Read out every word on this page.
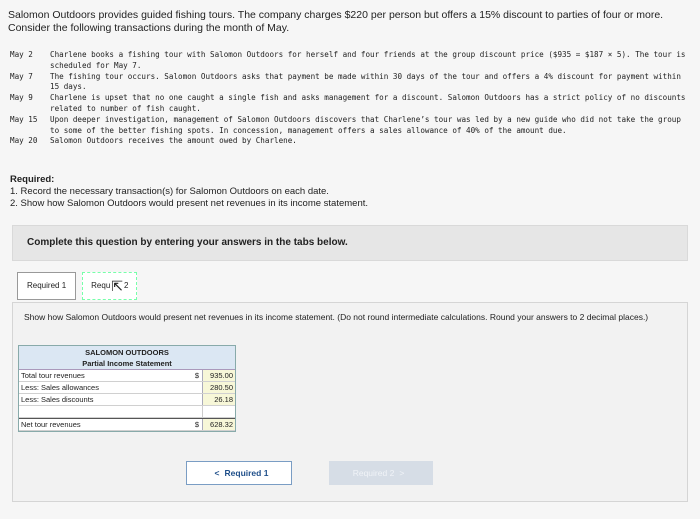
Salomon Outdoors provides guided fishing tours. The company charges $220 per person but offers a 15% discount to parties of four or more. Consider the following transactions during the month of May.
May 2	Charlene books a fishing tour with Salomon Outdoors for herself and four friends at the group discount price ($935 = $187 × 5). The tour is scheduled for May 7.
May 7	The fishing tour occurs. Salomon Outdoors asks that payment be made within 30 days of the tour and offers a 4% discount for payment within 15 days.
May 9	Charlene is upset that no one caught a single fish and asks management for a discount. Salomon Outdoors has a strict policy of no discounts related to number of fish caught.
May 15	Upon deeper investigation, management of Salomon Outdoors discovers that Charlene’s tour was led by a new guide who did not take the group to some of the better fishing spots. In concession, management offers a sales allowance of 40% of the amount due.
May 20	Salomon Outdoors receives the amount owed by Charlene.
Required:
1. Record the necessary transaction(s) for Salomon Outdoors on each date.
2. Show how Salomon Outdoors would present net revenues in its income statement.
Complete this question by entering your answers in the tabs below.
Required 1	Requ⇱2
Show how Salomon Outdoors would present net revenues in its income statement. (Do not round intermediate calculations. Round your answers to 2 decimal places.)
SALOMON OUTDOORS
Partial Income Statement
Total tour revenues	$	935.00
Less: Sales allowances	280.50
Less: Sales discounts	26.18
Net tour revenues	$	628.32
< Required 1	Required 2 >
